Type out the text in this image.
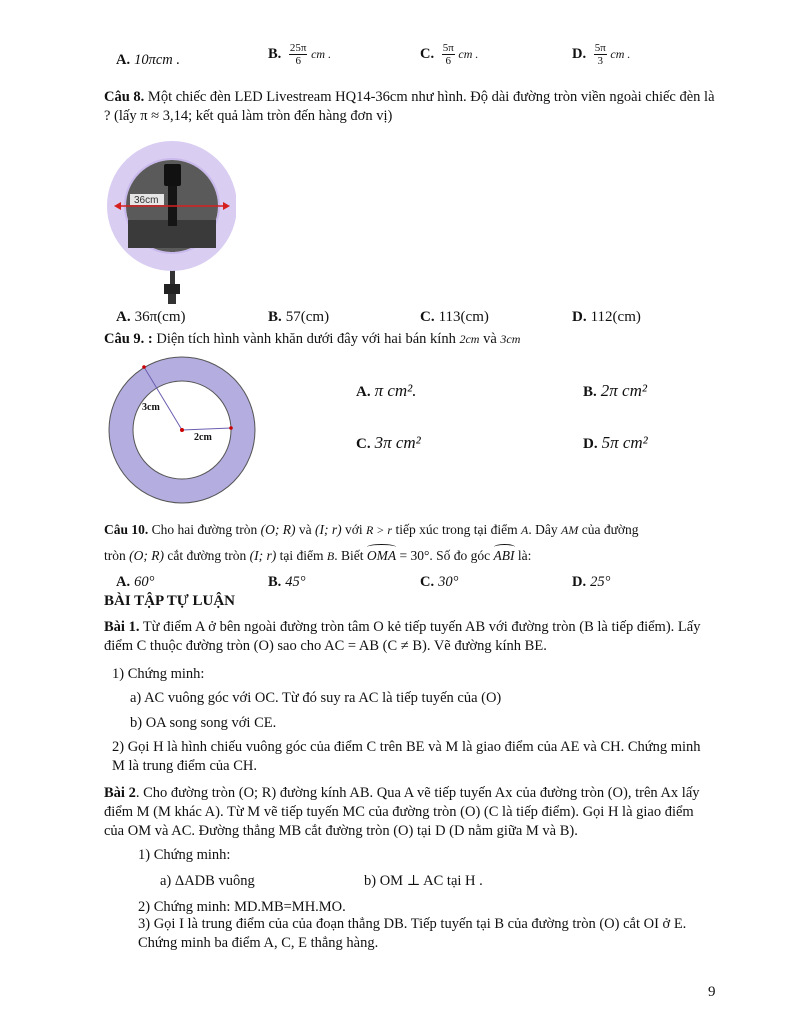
A. 10πcm .	B. $\frac{25\pi}{6}$ cm .	C. $\frac{5\pi}{6}$ cm .	D. $\frac{5\pi}{3}$ cm .
Câu 8. Một chiếc đèn LED Livestream HQ14-36cm như hình. Độ dài đường tròn viền ngoài chiếc đèn là ? (lấy π ≈ 3,14; kết quả làm tròn đến hàng đơn vị)
36cm
A. 36π(cm)	B. 57(cm)	C. 113(cm)	D. 112(cm)
Câu 9. : Diện tích hình vành khăn dưới đây với hai bán kính 2cm và 3cm
3cm
2cm
A. π cm².	B. 2π cm²
C. 3π cm²	D. 5π cm²
Câu 10. Cho hai đường tròn (O; R) và (I; r) với R > r tiếp xúc trong tại điểm A. Dây AM của đường
tròn (O; R) cắt đường tròn (I; r) tại điểm B. Biết OMA = 30°. Số đo góc ABI là:
A. 60°	B. 45°	C. 30°	D. 25°
BÀI TẬP TỰ LUẬN
Bài 1. Từ điểm A ở bên ngoài đường tròn tâm O kẻ tiếp tuyến AB với đường tròn (B là tiếp điểm). Lấy điểm C thuộc đường tròn (O) sao cho AC = AB (C ≠ B). Vẽ đường kính BE.
1) Chứng minh:
a) AC vuông góc với OC. Từ đó suy ra AC là tiếp tuyến của (O)
b) OA song song với CE.
2) Gọi H là hình chiếu vuông góc của điểm C trên BE và M là giao điểm của AE và CH. Chứng minh M là trung điểm của CH.
Bài 2. Cho đường tròn (O; R) đường kính AB. Qua A vẽ tiếp tuyến Ax của đường tròn (O), trên Ax lấy điểm M (M khác A). Từ M vẽ tiếp tuyến MC của đường tròn (O) (C là tiếp điểm). Gọi H là giao điểm của OM và AC. Đường thẳng MB cắt đường tròn (O) tại D (D nằm giữa M và B).
1) Chứng minh:
a) ΔADB vuông	b) OM ⊥ AC tại H .
2) Chứng minh: MD.MB=MH.MO.
3) Gọi I là trung điểm của của đoạn thẳng DB. Tiếp tuyến tại B của đường tròn (O) cắt OI ở E. Chứng minh ba điểm A, C, E thẳng hàng.
9
